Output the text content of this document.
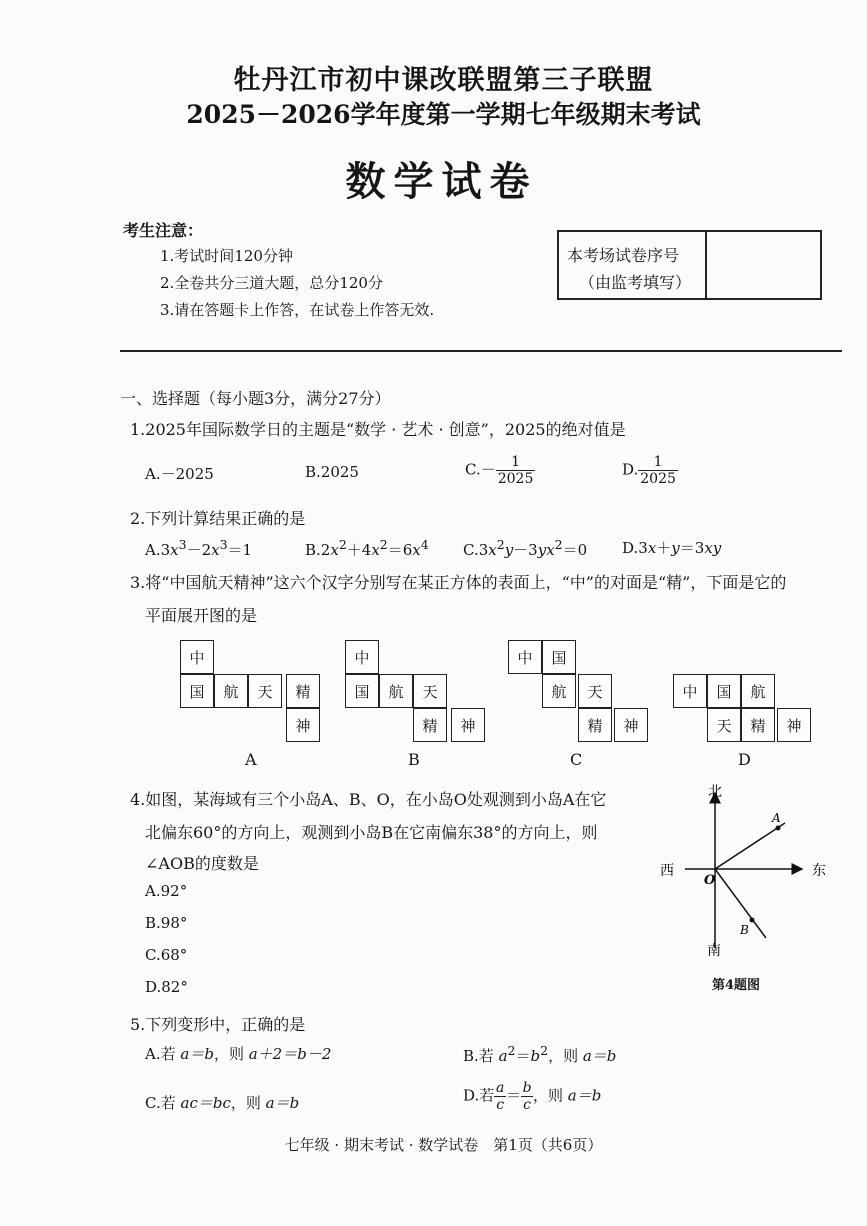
牡丹江市初中课改联盟第三子联盟
2025－2026学年度第一学期七年级期末考试
数学试卷
考生注意：
1.考试时间120分钟
2.全卷共分三道大题，总分120分
3.请在答题卡上作答，在试卷上作答无效.
本考场试卷序号
（由监考填写）
一、选择题（每小题3分，满分27分）
1.2025年国际数学日的主题是“数学 · 艺术 · 创意”，2025的绝对值是
A.－2025	B.2025	$C.- \frac{1}{2025}$	D. $\frac{1}{2025}$
2.下列计算结果正确的是
$A.3x^3-2x^3=1$	$B.2x^2+4x^2=6x^4$ $C.3x^2y-3yx^2=0$ D.3x＋y＝3xy
3.将“中国航天精神”这六个汉字分别写在某正方体的表面上，“中”的对面是“精”，下面是它的
平面展开图的是
中
国	航	天	精
神
A
中
国	航	天
精	神
B
中	国
航	天
精	神
C
中	国	航
天	精	神
D
4.如图，某海域有三个小岛A、B、O，在小岛O处观测到小岛A在它
北偏东60°的方向上，观测到小岛B在它南偏东38°的方向上，则
∠AOB的度数是
A.92°
B.98°
C.68°
D.82°
北
南
东
西
O
A
B
第4题图
5.下列变形中，正确的是
A.若 a＝b，则 a＋2＝b－2	B.若 $a^2=b^2$，则 a＝b
C.若 ac＝bc，则 a＝b	D.若 $\frac{a}{c} = \frac{b}{c}$ ，则 a＝b
七年级 · 期末考试 · 数学试卷　第1页（共6页）
